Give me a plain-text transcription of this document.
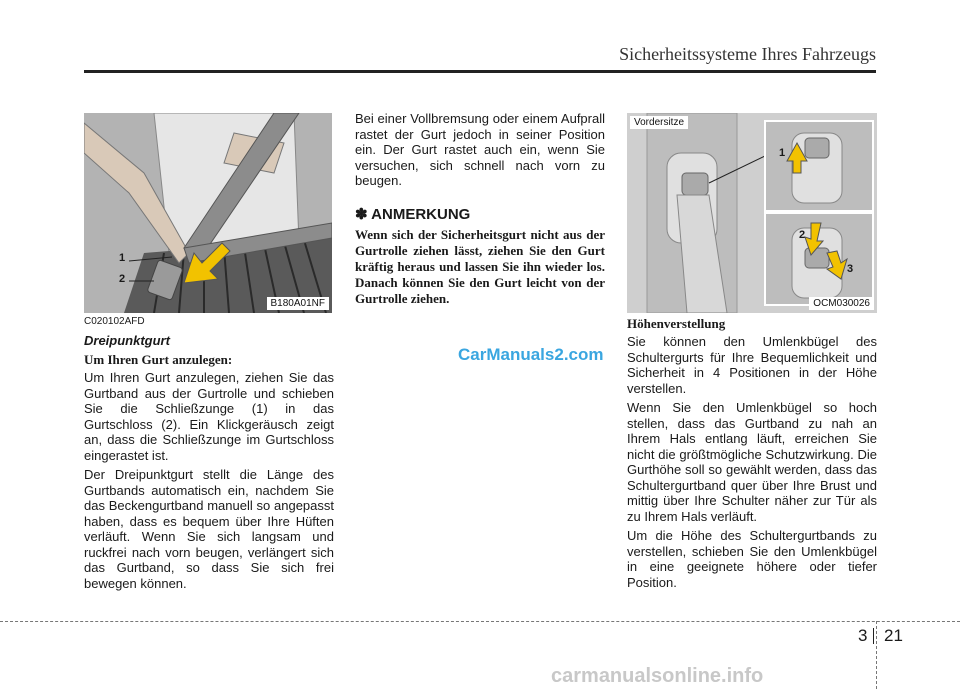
Sicherheitssysteme Ihres Fahrzeugs
1
2
B180A01NF
Vordersitze
1
2
3
OCM030026
C020102AFD
Dreipunktgurt
Um Ihren Gurt anzulegen:
Um Ihren Gurt anzulegen, ziehen Sie das Gurtband aus der Gurtrolle und schieben Sie die Schließzunge (1) in das Gurtschloss (2). Ein Klickgeräusch zeigt an, dass die Schließzunge im Gurtschloss eingerastet ist.
Der Dreipunktgurt stellt die Länge des Gurtbands automatisch ein, nachdem Sie das Beckengurtband manuell so angepasst haben, dass es bequem über Ihre Hüften verläuft. Wenn Sie sich langsam und ruckfrei nach vorn beugen, verlängert sich das Gurtband, so dass Sie sich frei bewegen können.
Bei einer Vollbremsung oder einem Aufprall rastet der Gurt jedoch in seiner Position ein. Der Gurt rastet auch ein, wenn Sie versuchen, sich schnell nach vorn zu beugen.
✽ ANMERKUNG
Wenn sich der Sicherheitsgurt nicht aus der Gurtrolle ziehen lässt, ziehen Sie den Gurt kräftig heraus und lassen Sie ihn wieder los. Danach können Sie den Gurt leicht von der Gurtrolle ziehen.
Höhenverstellung
Sie können den Umlenkbügel des Schultergurts für Ihre Bequemlichkeit und Sicherheit in 4 Positionen in der Höhe verstellen.
Wenn Sie den Umlenkbügel so hoch stellen, dass das Gurtband zu nah an Ihrem Hals entlang läuft, erreichen Sie nicht die größtmögliche Schutzwirkung. Die Gurthöhe soll so gewählt werden, dass das Schultergurtband quer über Ihre Brust und mittig über Ihre Schulter näher zur Tür als zu Ihrem Hals verläuft.
Um die Höhe des Schultergurtbands zu verstellen, schieben Sie den Umlenkbügel in eine geeignete höhere oder tiefer Position.
CarManuals2.com
3 21
carmanualsonline.info
